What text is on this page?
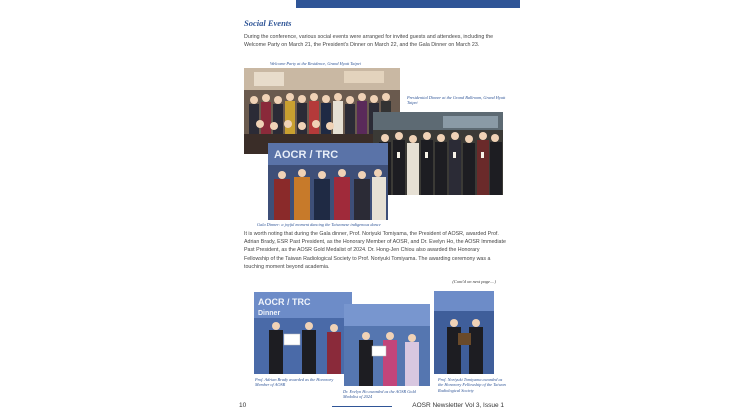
Social Events

During the conference, various social events were arranged for invited guests and attendees, including the Welcome Party on March 21, the President's Dinner on March 22, and the Gala Dinner on March 23.

Welcome Party at the Residence, Grand Hyatt Taipei
Presidential Dinner at the Grand Ballroom, Grand Hyatt Taipei
AOCR / TRC
Gala Dinner: a joyful moment dancing the Taiwanese indigenous dance

It is worth noting that during the Gala dinner, Prof. Noriyuki Tomiyama, the President of AOSR, awarded Prof. Adrian Brady, ESR Past President, as the Honorary Member of AOSR, and Dr. Evelyn Ho, the AOSR Immediate Past President, as the AOSR Gold Medalist of 2024. Dr. Hong-Jen Chiou also awarded the Honorary Fellowship of the Taiwan Radiological Society to Prof. Noriyuki Tomiyama. The awarding ceremony was a touching moment beyond academia.

(Cont'd on next page....)
AOCR / TRC
Dinner
Prof. Adrian Brady awarded as the Honorary Member of AOSR
Dr. Evelyn Ho awarded as the AOSR Gold Medalist of 2024
Prof. Noriyuki Tomiyama awarded as the Honorary Fellowship of the Taiwan Radiological Society
10	AOSR Newsletter Vol 3, Issue 1
